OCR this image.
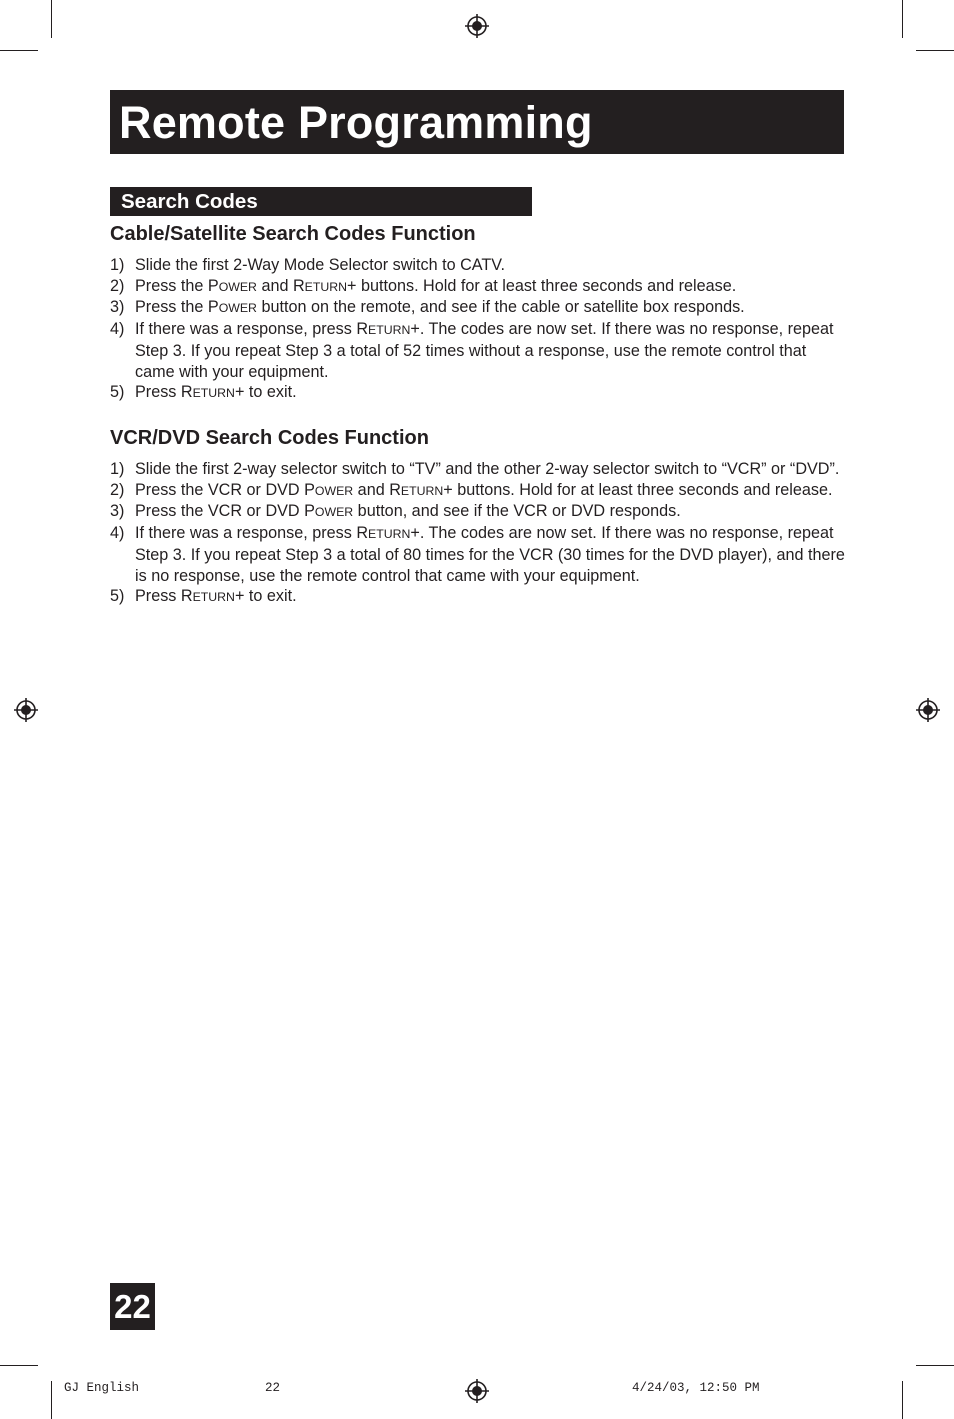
Remote Programming
Search Codes
Cable/Satellite Search Codes Function
1) Slide the first 2-Way Mode Selector switch to CATV.
2) Press the POWER and RETURN+ buttons. Hold for at least three seconds and release.
3) Press the POWER button on the remote, and see if the cable or satellite box responds.
4) If there was a response, press RETURN+. The codes are now set. If there was no response, repeat Step 3. If you repeat Step 3 a total of 52 times without a response, use the remote control that came with your equipment.
5) Press RETURN+ to exit.
VCR/DVD Search Codes Function
1) Slide the first 2-way selector switch to “TV” and the other 2-way selector switch to “VCR” or “DVD”.
2) Press the VCR or DVD POWER and RETURN+ buttons. Hold for at least three seconds and release.
3) Press the VCR or DVD POWER button, and see if the VCR or DVD responds.
4) If there was a response, press RETURN+. The codes are now set. If there was no response, repeat Step 3. If you repeat Step 3 a total of 80 times for the VCR (30 times for the DVD player), and there is no response, use the remote control that came with your equipment.
5) Press RETURN+ to exit.
22
GJ English	22	4/24/03, 12:50 PM
